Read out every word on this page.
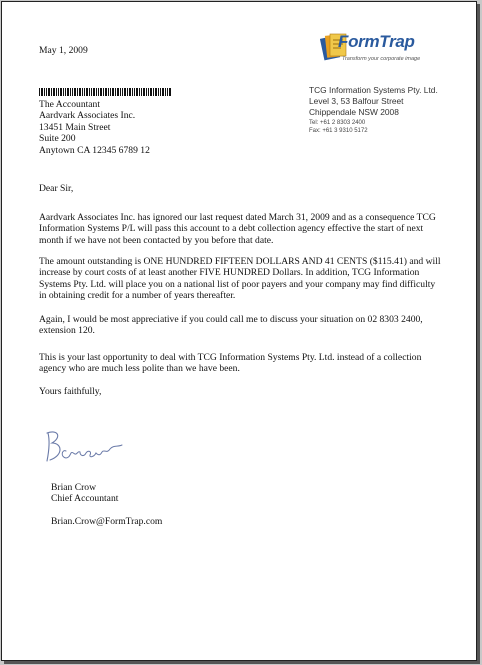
May 1, 2009	FormTrap
Transform your corporate image
The Accountant
Aardvark Associates Inc.
13451 Main Street
Suite 200
Anytown CA 12345 6789 12
TCG Information Systems Pty. Ltd.
Level 3, 53 Balfour Street
Chippendale NSW 2008
Tel: +61 2 8303 2400
Fax: +61 3 9310 5172
Dear Sir,
Aardvark Associates Inc. has ignored our last request dated March 31, 2009 and as a consequence TCG Information Systems P/L will pass this account to a debt collection agency effective the start of next month if we have not been contacted by you before that date.
The amount outstanding is ONE HUNDRED FIFTEEN DOLLARS AND 41 CENTS ($115.41) and will increase by court costs of at least another FIVE HUNDRED Dollars. In addition, TCG Information Systems Pty. Ltd. will place you on a national list of poor payers and your company may find difficulty in obtaining credit for a number of years thereafter.
Again, I would be most appreciative if you could call me to discuss your situation on 02 8303 2400, extension 120.
This is your last opportunity to deal with TCG Information Systems Pty. Ltd. instead of a collection agency who are much less polite than we have been.
Yours faithfully,
Brian Crow
Chief Accountant
Brian.Crow@FormTrap.com
